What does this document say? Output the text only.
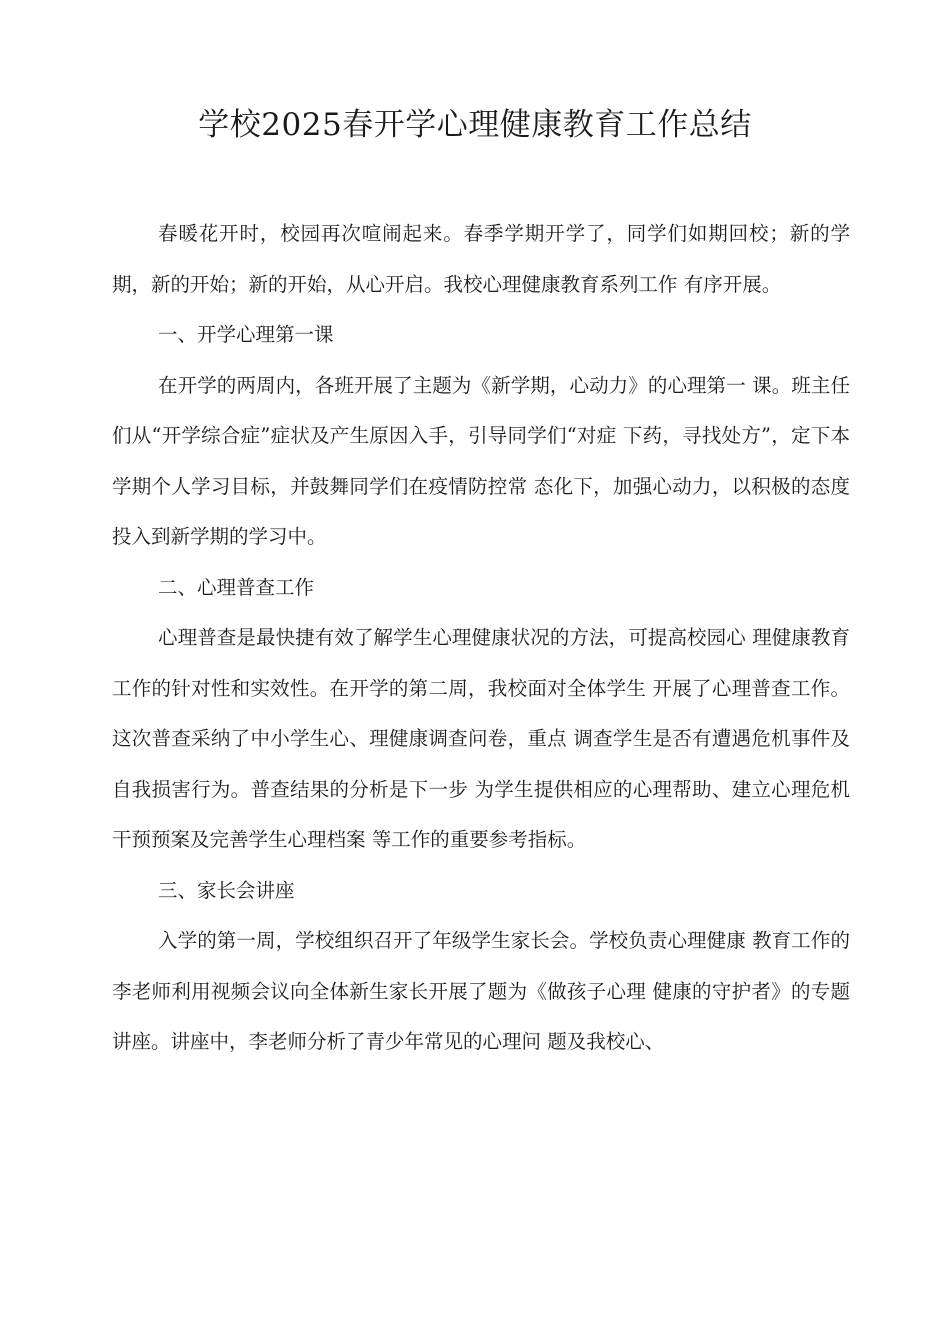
学校2025春开学心理健康教育工作总结

春暖花开时，校园再次喧闹起来。春季学期开学了，同学们如期回校；新的学期，新的开始；新的开始，从心开启。我校心理健康教育系列工作 有序开展。

一、开学心理第一课

在开学的两周内，各班开展了主题为《新学期，心动力》的心理第一 课。班主任们从“开学综合症”症状及产生原因入手，引导同学们“对症 下药，寻找处方”，定下本学期个人学习目标，并鼓舞同学们在疫情防控常 态化下，加强心动力，以积极的态度投入到新学期的学习中。

二、心理普查工作

心理普查是最快捷有效了解学生心理健康状况的方法，可提高校园心 理健康教育工作的针对性和实效性。在开学的第二周，我校面对全体学生 开展了心理普查工作。这次普查采纳了中小学生心、理健康调查问卷，重点 调查学生是否有遭遇危机事件及自我损害行为。普查结果的分析是下一步 为学生提供相应的心理帮助、建立心理危机干预预案及完善学生心理档案 等工作的重要参考指标。

三、家长会讲座

入学的第一周，学校组织召开了年级学生家长会。学校负责心理健康 教育工作的李老师利用视频会议向全体新生家长开展了题为《做孩子心理 健康的守护者》的专题讲座。讲座中，李老师分析了青少年常见的心理问 题及我校心、
